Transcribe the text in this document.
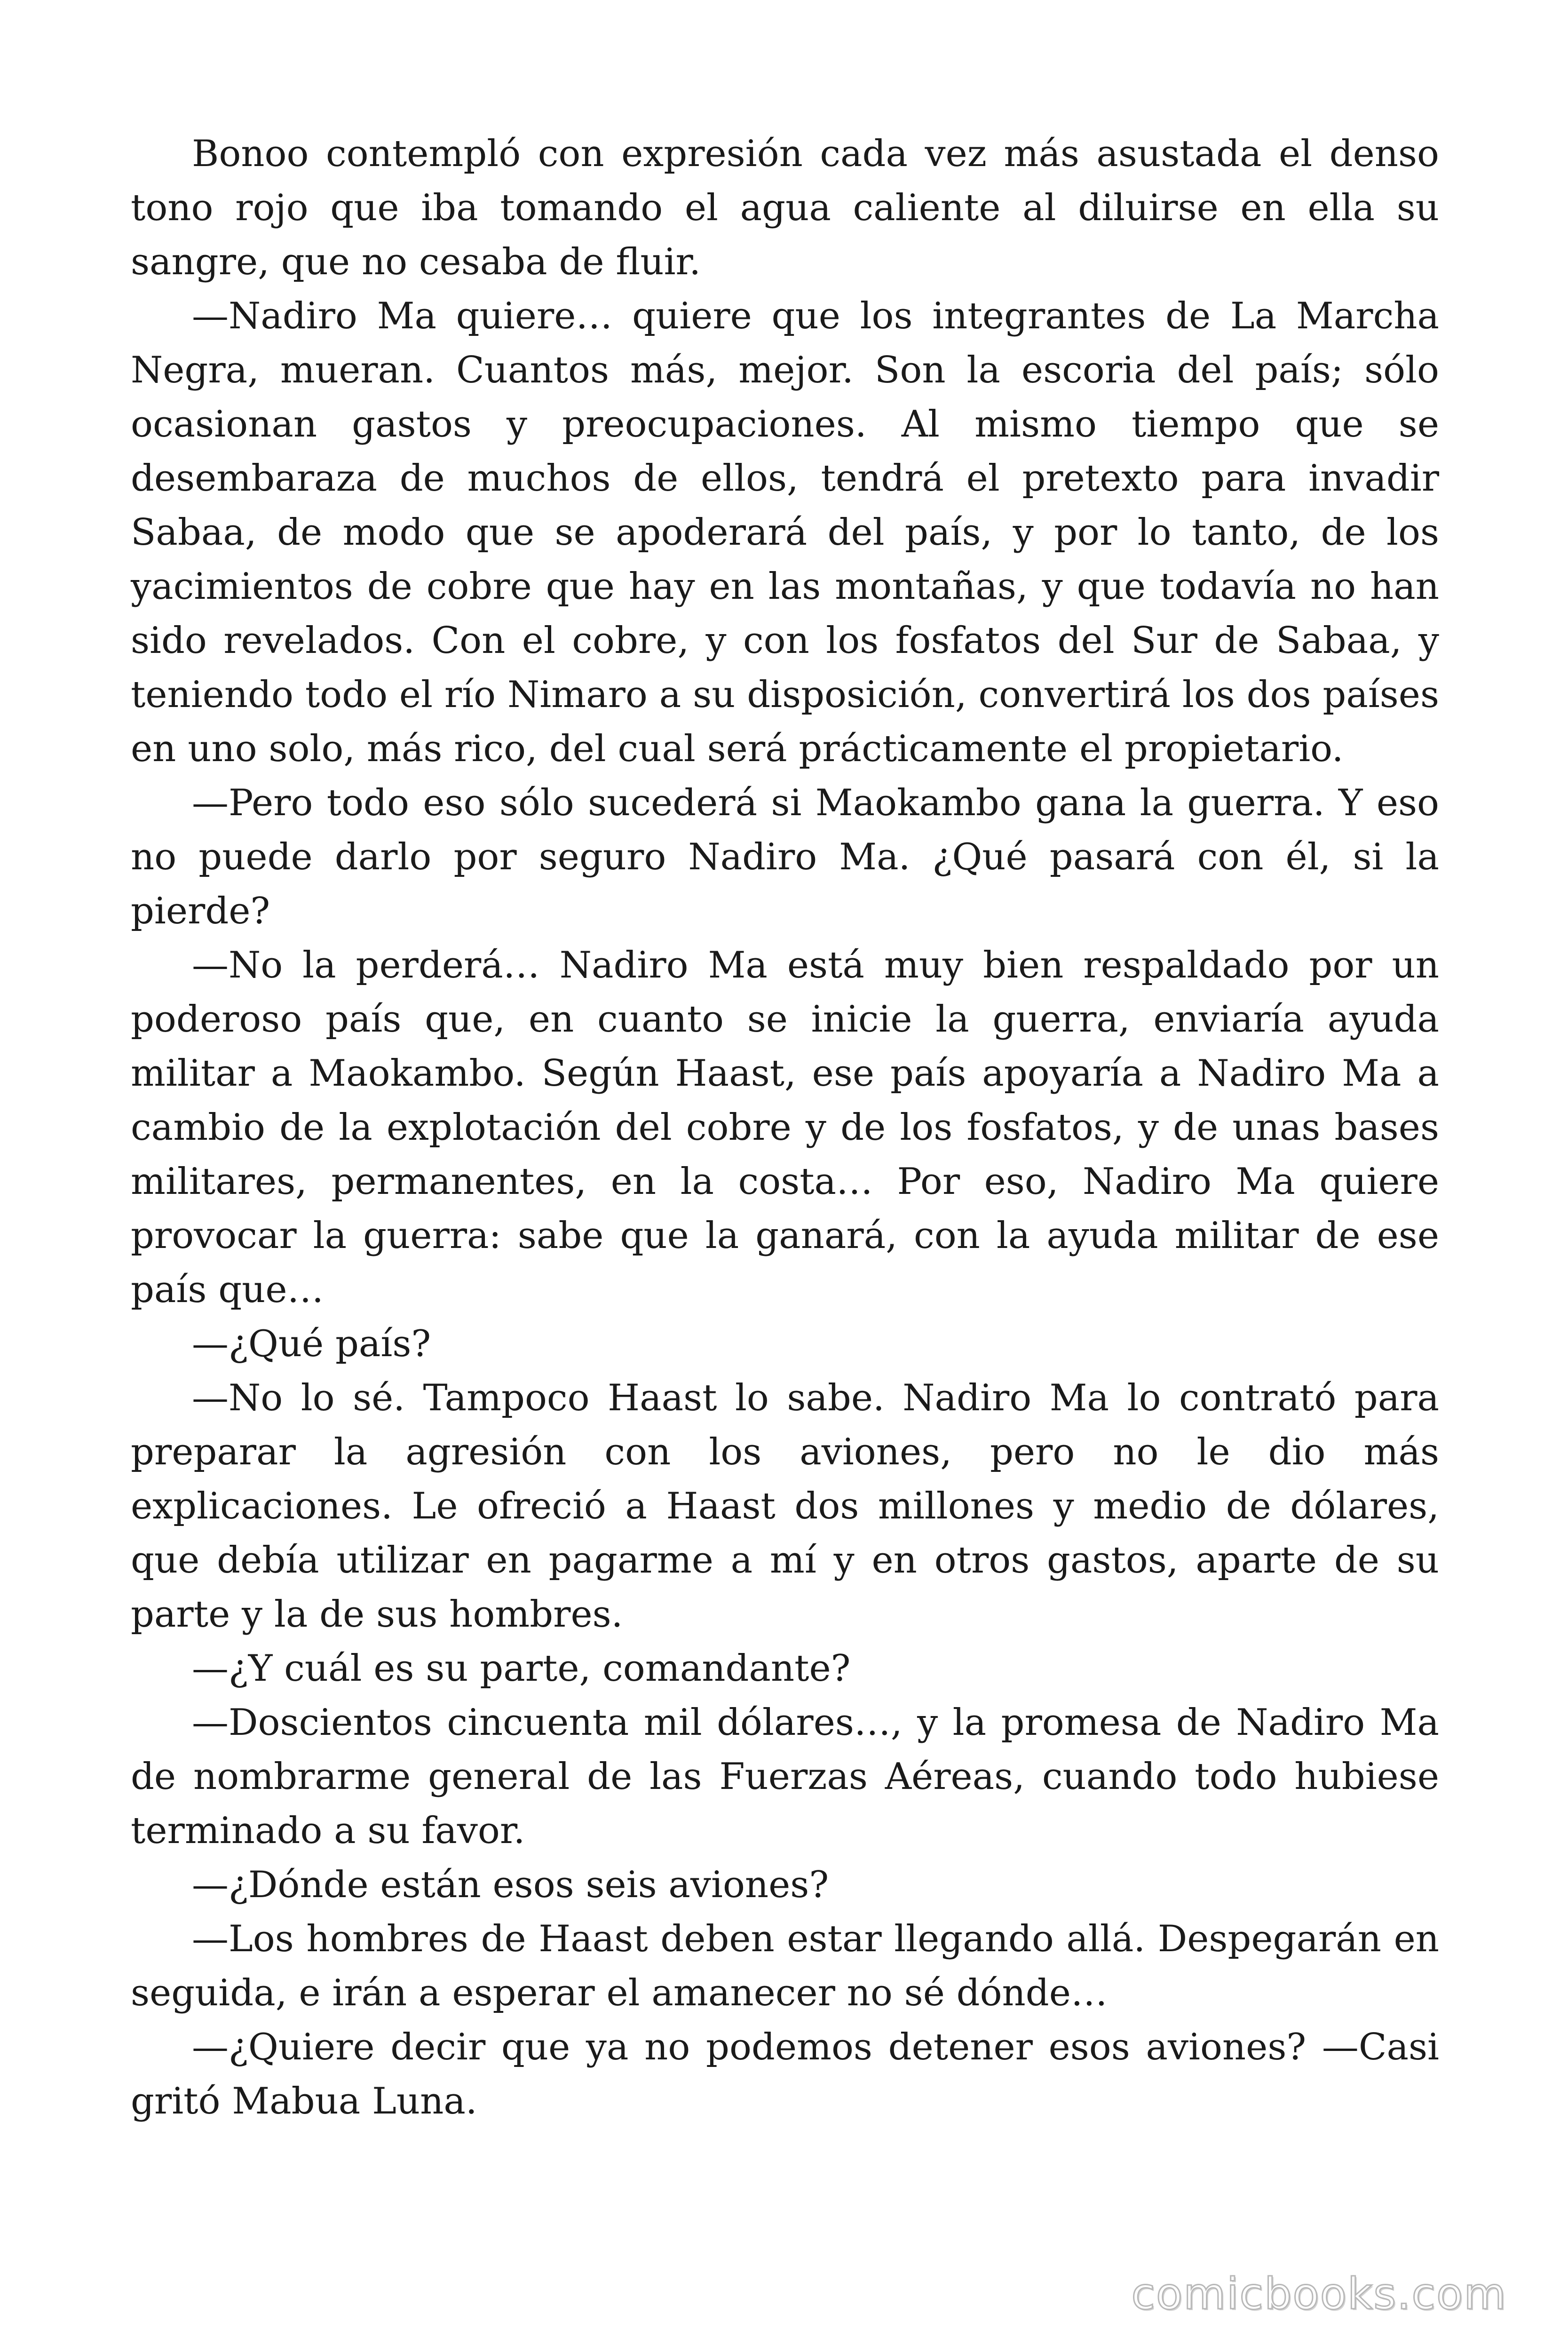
Bonoo contempló con expresión cada vez más asustada el denso tono rojo que iba tomando el agua caliente al diluirse en ella su sangre, que no cesaba de fluir.

—Nadiro Ma quiere… quiere que los integrantes de La Marcha Negra, mueran. Cuantos más, mejor. Son la escoria del país; sólo ocasionan gastos y preocupaciones. Al mismo tiempo que se desembaraza de muchos de ellos, tendrá el pretexto para invadir Sabaa, de modo que se apoderará del país, y por lo tanto, de los yacimientos de cobre que hay en las montañas, y que todavía no han sido revelados. Con el cobre, y con los fosfatos del Sur de Sabaa, y teniendo todo el río Nimaro a su disposición, convertirá los dos países en uno solo, más rico, del cual será prácticamente el propietario.

—Pero todo eso sólo sucederá si Maokambo gana la guerra. Y eso no puede darlo por seguro Nadiro Ma. ¿Qué pasará con él, si la pierde?

—No la perderá… Nadiro Ma está muy bien respaldado por un poderoso país que, en cuanto se inicie la guerra, enviaría ayuda militar a Maokambo. Según Haast, ese país apoyaría a Nadiro Ma a cambio de la explotación del cobre y de los fosfatos, y de unas bases militares, permanentes, en la costa… Por eso, Nadiro Ma quiere provocar la guerra: sabe que la ganará, con la ayuda militar de ese país que…

—¿Qué país?

—No lo sé. Tampoco Haast lo sabe. Nadiro Ma lo contrató para preparar la agresión con los aviones, pero no le dio más explicaciones. Le ofreció a Haast dos millones y medio de dólares, que debía utilizar en pagarme a mí y en otros gastos, aparte de su parte y la de sus hombres.

—¿Y cuál es su parte, comandante?

—Doscientos cincuenta mil dólares…, y la promesa de Nadiro Ma de nombrarme general de las Fuerzas Aéreas, cuando todo hubiese terminado a su favor.

—¿Dónde están esos seis aviones?

—Los hombres de Haast deben estar llegando allá. Despegarán en seguida, e irán a esperar el amanecer no sé dónde…

—¿Quiere decir que ya no podemos detener esos aviones? —Casi gritó Mabua Luna.

comicbooks.com
